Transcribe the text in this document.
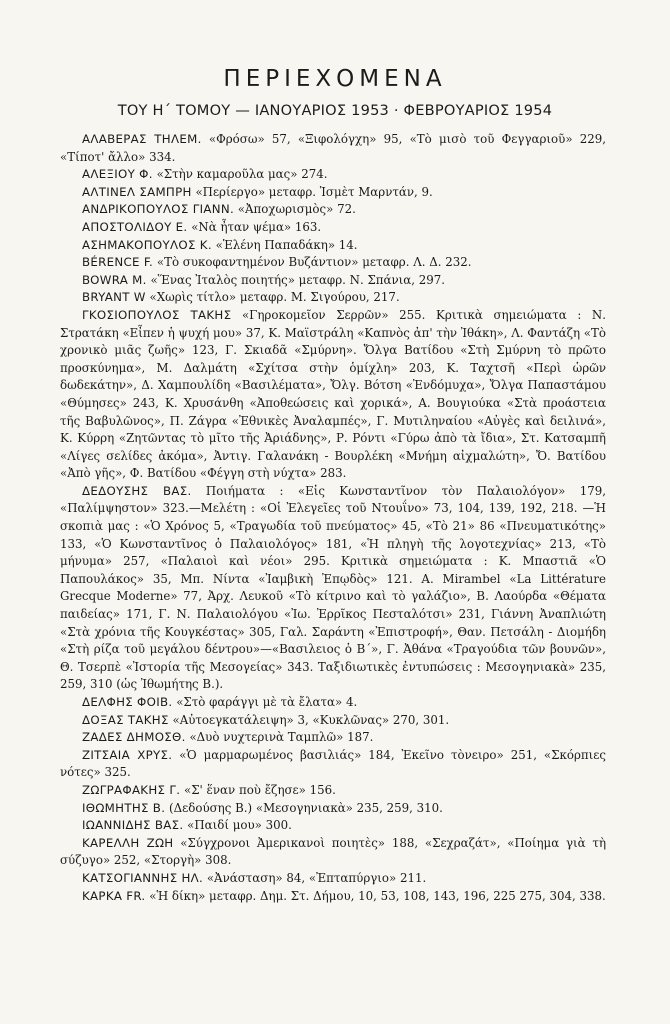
ΠΕΡΙΕΧΟΜΕΝΑ
ΤΟΥ Η΄ ΤΟΜΟΥ — ΙΑΝΟΥΑΡΙΟΣ 1953 · ΦΕΒΡΟΥΑΡΙΟΣ 1954

ΑΛΑΒΕΡΑΣ ΤΗΛΕΜ. «Φρόσω» 57, «Ξιφολόγχη» 95, «Τὸ μισὸ τοῦ Φεγγαριοῦ» 229, «Τίποτ' ἄλλο» 334.

ΑΛΕΞΙΟΥ Φ. «Στὴν καμαροῦλα μας» 274.

ΑΛΤΙΝΕΛ ΣΑΜΠΡΗ «Περίεργο» μεταφρ. Ἰσμὲτ Μαρντάν, 9.

ΑΝΔΡΙΚΟΠΟΥΛΟΣ ΓΙΑΝΝ. «Ἀποχωρισμὸς» 72.

ΑΠΟΣΤΟΛΙΔΟΥ Ε. «Νὰ ἦταν ψέμα» 163.

ΑΣΗΜΑΚΟΠΟΥΛΟΣ Κ. «Ἑλένη Παπαδάκη» 14.

BÉRENCE F. «Τὸ συκοφαντημένον Βυζάντιον» μεταφρ. Λ. Δ. 232.

BOWRA M. «Ἕνας Ἰταλὸς ποιητής» μεταφρ. Ν. Σπάνια, 297.

BRYANT W «Χωρὶς τίτλο» μεταφρ. Μ. Σιγούρου, 217.

ΓΚΟΣΙΟΠΟΥΛΟΣ ΤΑΚΗΣ «Γηροκομεῖον Σερρῶν» 255. Κριτικὰ σημειώματα : Ν. Στρατάκη «Εἶπεν ἡ ψυχή μου» 37, Κ. Μαϊστράλη «Καπνὸς ἀπ' τὴν Ἰθάκη», Λ. Φαντάζη «Τὸ χρονικὸ μιᾶς ζωῆς» 123, Γ. Σκιαδᾶ «Σμύρνη». Ὄλγα Βατίδου «Στὴ Σμύρνη τὸ πρῶτο προσκύνημα», Μ. Δαλμάτη «Σχίτσα στὴν ὁμίχλη» 203, Κ. Ταχτσῆ «Περὶ ὡρῶν δωδεκάτην», Δ. Χαμπουλίδη «Βασιλέματα», Ὄλγ. Βότση «Ἐνδόμυχα», Ὄλγα Παπαστάμου «Θύμησες» 243, Κ. Χρυσάνθη «Ἀποθεώσεις καὶ χορικά», Α. Βουγιούκα «Στὰ προάστεια τῆς Βαβυλῶνος», Π. Ζάγρα «Ἐθνικὲς Ἀναλαμπές», Γ. Μυτιληναίου «Αὐγὲς καὶ δειλινά», Κ. Κύρρη «Ζητῶντας τὸ μῖτο τῆς Ἀριάδνης», Ρ. Ρόντι «Γύρω ἀπὸ τὰ ἴδια», Στ. Κατσαμπῆ «Λίγες σελίδες ἀκόμα», Ἀντιγ. Γαλανάκη - Βουρλέκη «Μνήμη αἰχμαλώτη», Ὄ. Βατίδου «Ἀπὸ γῆς», Φ. Βατίδου «Φέγγη στὴ νύχτα» 283.

ΔΕΔΟΥΣΗΣ ΒΑΣ. Ποιήματα : «Εἰς Κωνσταντῖνον τὸν Παλαιολόγον» 179, «Παλίμψηστον» 323.—Μελέτη : «Οἱ Ἐλεγεῖες τοῦ Ντουΐνο» 73, 104, 139, 192, 218. —Ἡ σκοπιὰ μας : «Ὁ Χρόνος 5, «Τραγωδία τοῦ πνεύματος» 45, «Τὸ 21» 86 «Πνευματικότης» 133, «Ὁ Κωνσταντῖνος ὁ Παλαιολόγος» 181, «Ἡ πληγὴ τῆς λογοτεχνίας» 213, «Τὸ μήνυμα» 257, «Παλαιοὶ καὶ νέοι» 295. Κριτικὰ σημειώματα : Κ. Μπαστιᾶ «Ὁ Παπουλάκος» 35, Μπ. Νίντα «Ἰαμβικὴ Ἐπῳδὸς» 121. A. Mirambel «La Littérature Grecque Moderne» 77, Ἀρχ. Λευκοῦ «Τὸ κίτρινο καὶ τὸ γαλάζιο», Β. Λαούρδα «Θέματα παιδείας» 171, Γ. Ν. Παλαιολόγου «Ἰω. Ἐρρῖκος Πεσταλότσι» 231, Γιάννη Ἀναπλιώτη «Στὰ χρόνια τῆς Κουγκέστας» 305, Γαλ. Σαράντη «Ἐπιστροφή», Θαν. Πετσάλη - Διομήδη «Στὴ ρίζα τοῦ μεγάλου δέντρου»—«Βασιλειος ὁ Β΄», Γ. Ἀθάνα «Τραγούδια τῶν βουνῶν», Θ. Τσερπὲ «Ἰστορία τῆς Μεσογείας» 343. Ταξιδιωτικὲς ἐντυπώσεις : Μεσογηνιακὰ» 235, 259, 310 (ὡς Ἰθωμήτης Β.).

ΔΕΛΦΗΣ ΦΟΙΒ. «Στὸ φαράγγι μὲ τὰ ἔλατα» 4.

ΔΟΞΑΣ ΤΑΚΗΣ «Αὐτοεγκατάλειψη» 3, «Κυκλῶνας» 270, 301.

ΖΑΔΕΣ ΔΗΜΟΣΘ. «Δυὸ νυχτερινὰ Ταμπλῶ» 187.

ΖΙΤΣΑΙΑ ΧΡΥΣ. «Ὁ μαρμαρωμένος βασιλιάς» 184, Ἐκεῖνο τὸνειρο» 251, «Σκόρπιες νότες» 325.

ΖΩΓΡΑΦΑΚΗΣ Γ. «Σ' ἕναν ποὺ ἔζησε» 156.

ΙΘΩΜΗΤΗΣ Β. (Δεδούσης Β.) «Μεσογηνιακὰ» 235, 259, 310.

ΙΩΑΝΝΙΔΗΣ ΒΑΣ. «Παιδί μου» 300.

ΚΑΡΕΛΛΗ ΖΩΗ «Σύγχρονοι Ἀμερικανοὶ ποιητὲς» 188, «Σεχραζάτ», «Ποίημα γιὰ τὴ σύζυγο» 252, «Στοργὴ» 308.

ΚΑΤΣΟΓΙΑΝΝΗΣ ΗΛ. «Ἀνάσταση» 84, «Ἐπταπύργιο» 211.

ΚΑΡΚΑ FR. «Ἡ δίκη» μεταφρ. Δημ. Στ. Δήμου, 10, 53, 108, 143, 196, 225 275, 304, 338.
